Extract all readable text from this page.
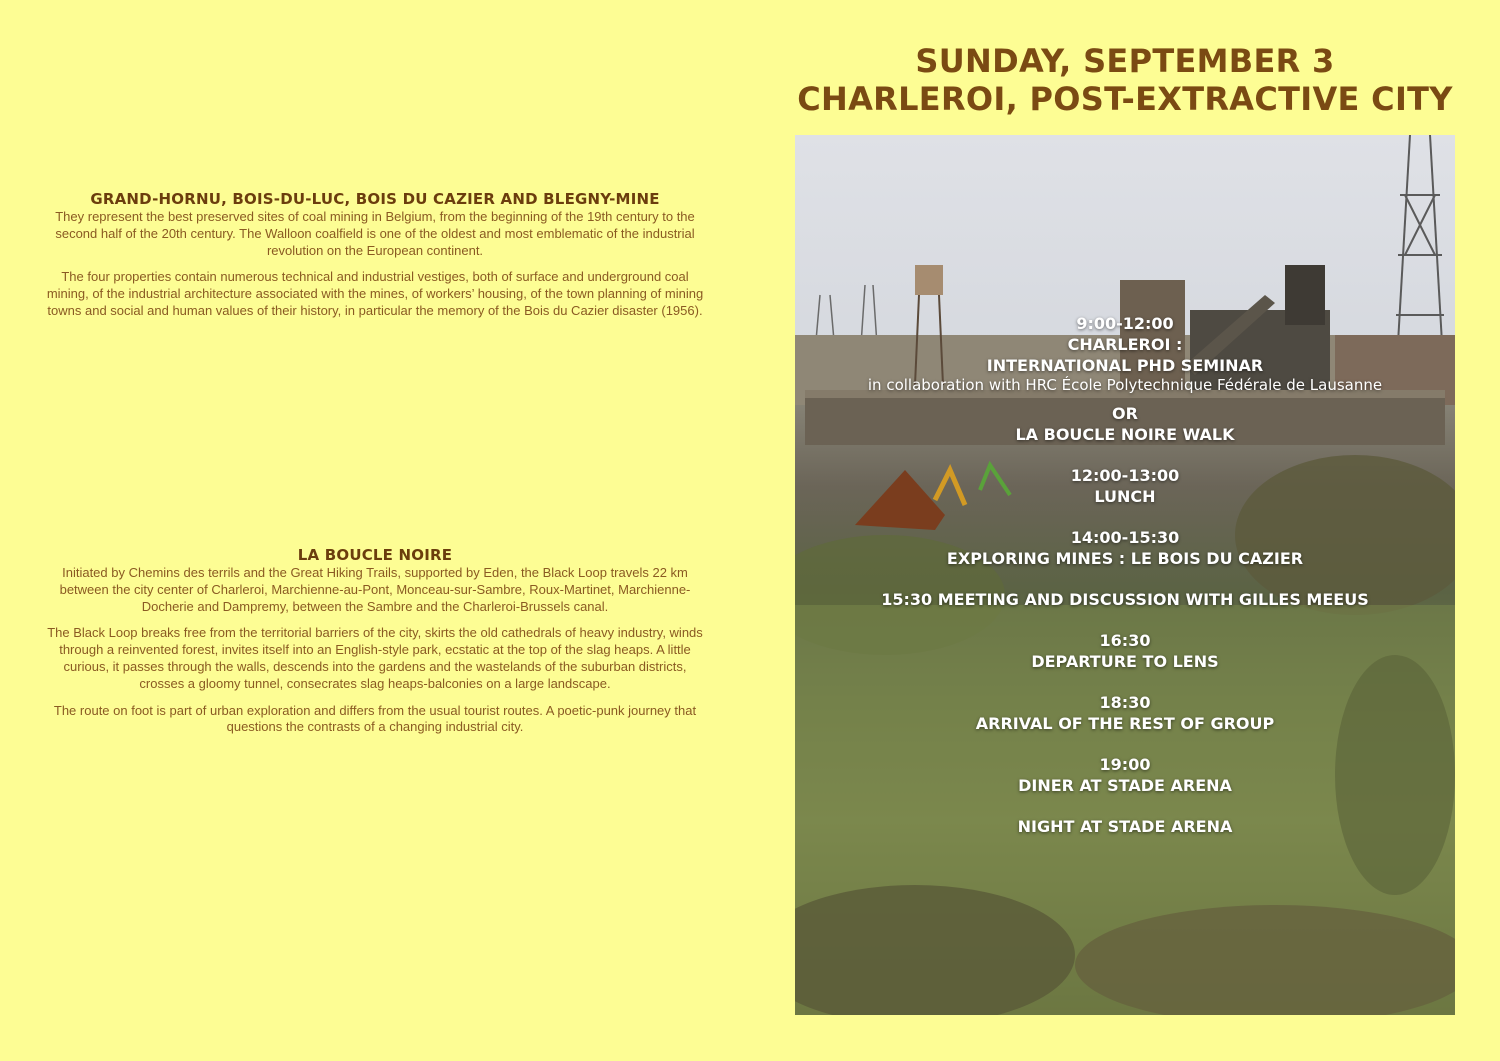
GRAND-HORNU, BOIS-DU-LUC, BOIS DU CAZIER AND BLEGNY-MINE

They represent the best preserved sites of coal mining in Belgium, from the beginning of the 19th century to the second half of the 20th century. The Walloon coalfield is one of the oldest and most emblematic of the industrial revolution on the European continent.

The four properties contain numerous technical and industrial vestiges, both of surface and underground coal mining, of the industrial architecture associated with the mines, of workers’ housing, of the town planning of mining towns and social and human values of their history, in particular the memory of the Bois du Cazier disaster (1956).

LA BOUCLE NOIRE

Initiated by Chemins des terrils and the Great Hiking Trails, supported by Eden, the Black Loop travels 22 km between the city center of Charleroi, Marchienne-au-Pont, Monceau-sur-Sambre, Roux-Martinet, Marchienne-Docherie and Dampremy, between the Sambre and the Charleroi-Brussels canal.

The Black Loop breaks free from the territorial barriers of the city, skirts the old cathedrals of heavy industry, winds through a reinvented forest, invites itself into an English-style park, ecstatic at the top of the slag heaps. A little curious, it passes through the walls, descends into the gardens and the wastelands of the suburban districts, crosses a gloomy tunnel, consecrates slag heaps-balconies on a large landscape.

The route on foot is part of urban exploration and differs from the usual tourist routes. A poetic-punk journey that questions the contrasts of a changing industrial city.

SUNDAY, SEPTEMBER 3
CHARLEROI, POST-EXTRACTIVE CITY
9:00-12:00
CHARLEROI :
INTERNATIONAL PHD SEMINAR
in collaboration with HRC École Polytechnique Fédérale de Lausanne
OR
LA BOUCLE NOIRE WALK
12:00-13:00
LUNCH
14:00-15:30
EXPLORING MINES : LE BOIS DU CAZIER
15:30 MEETING AND DISCUSSION WITH GILLES MEEUS
16:30
DEPARTURE TO LENS
18:30
ARRIVAL OF THE REST OF GROUP
19:00
DINER AT STADE ARENA
NIGHT AT STADE ARENA
